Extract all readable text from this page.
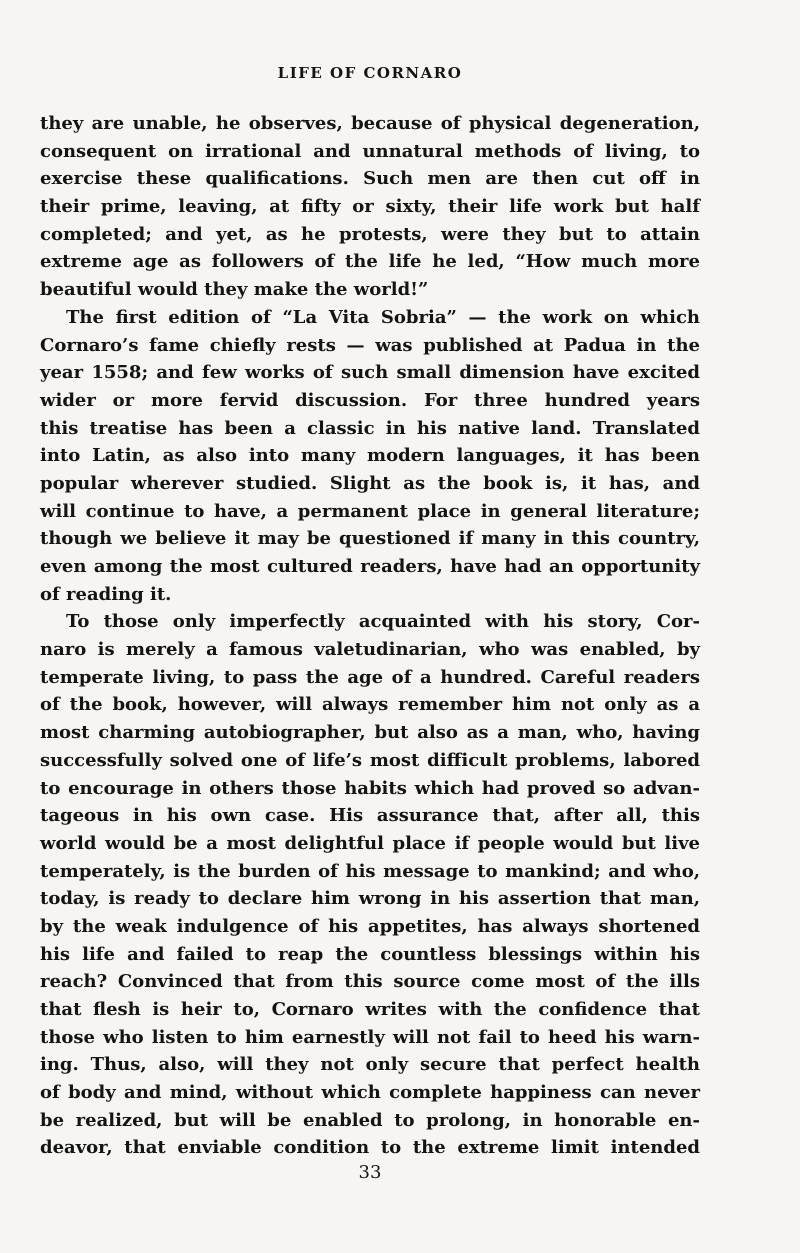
LIFE OF CORNARO
they are unable, he observes, because of physical degeneration,
consequent on irrational and unnatural methods of living, to
exercise these qualifications. Such men are then cut off in
their prime, leaving, at fifty or sixty, their life work but half
completed; and yet, as he protests, were they but to attain
extreme age as followers of the life he led, “How much more
beautiful would they make the world!”
The first edition of “La Vita Sobria” — the work on which
Cornaro’s fame chiefly rests — was published at Padua in the
year 1558; and few works of such small dimension have excited
wider or more fervid discussion. For three hundred years
this treatise has been a classic in his native land. Translated
into Latin, as also into many modern languages, it has been
popular wherever studied. Slight as the book is, it has, and
will continue to have, a permanent place in general literature;
though we believe it may be questioned if many in this country,
even among the most cultured readers, have had an opportunity
of reading it.
To those only imperfectly acquainted with his story, Cor-
naro is merely a famous valetudinarian, who was enabled, by
temperate living, to pass the age of a hundred. Careful readers
of the book, however, will always remember him not only as a
most charming autobiographer, but also as a man, who, having
successfully solved one of life’s most difficult problems, labored
to encourage in others those habits which had proved so advan-
tageous in his own case. His assurance that, after all, this
world would be a most delightful place if people would but live
temperately, is the burden of his message to mankind; and who,
today, is ready to declare him wrong in his assertion that man,
by the weak indulgence of his appetites, has always shortened
his life and failed to reap the countless blessings within his
reach? Convinced that from this source come most of the ills
that flesh is heir to, Cornaro writes with the confidence that
those who listen to him earnestly will not fail to heed his warn-
ing. Thus, also, will they not only secure that perfect health
of body and mind, without which complete happiness can never
be realized, but will be enabled to prolong, in honorable en-
deavor, that enviable condition to the extreme limit intended
33
